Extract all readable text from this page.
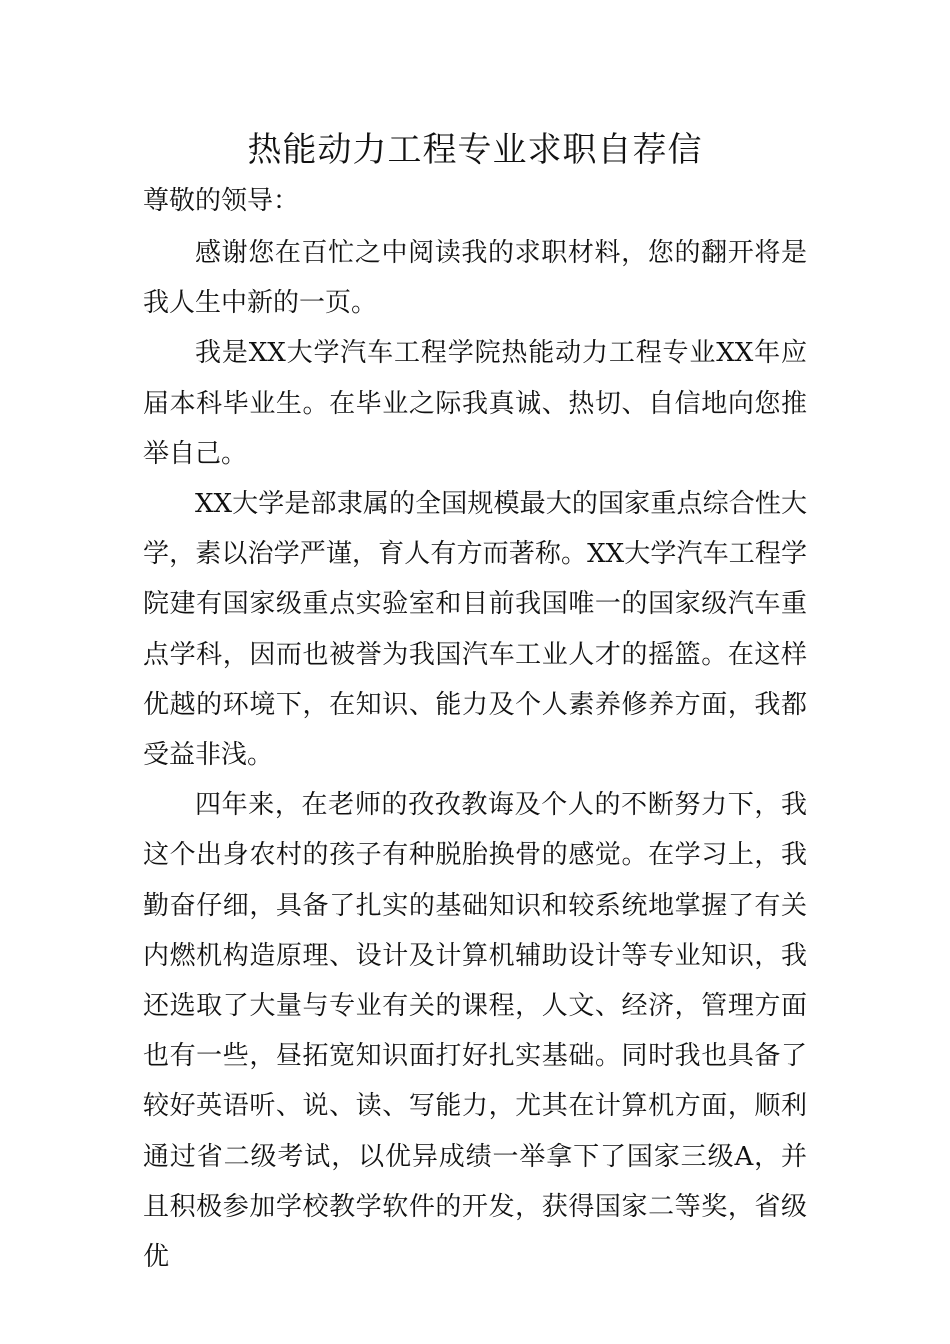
热能动力工程专业求职自荐信

尊敬的领导：

感谢您在百忙之中阅读我的求职材料，您的翻开将是我人生中新的一页。

我是XX大学汽车工程学院热能动力工程专业XX年应届本科毕业生。在毕业之际我真诚、热切、自信地向您推举自己。

XX大学是部隶属的全国规模最大的国家重点综合性大学，素以治学严谨，育人有方而著称。XX大学汽车工程学院建有国家级重点实验室和目前我国唯一的国家级汽车重点学科，因而也被誉为我国汽车工业人才的摇篮。在这样优越的环境下，在知识、能力及个人素养修养方面，我都受益非浅。

四年来，在老师的孜孜教诲及个人的不断努力下，我这个出身农村的孩子有种脱胎换骨的感觉。在学习上，我勤奋仔细，具备了扎实的基础知识和较系统地掌握了有关内燃机构造原理、设计及计算机辅助设计等专业知识，我还选取了大量与专业有关的课程，人文、经济，管理方面也有一些，昼拓宽知识面打好扎实基础。同时我也具备了较好英语听、说、读、写能力，尤其在计算机方面，顺利通过省二级考试，以优异成绩一举拿下了国家三级A，并且积极参加学校教学软件的开发，获得国家二等奖，省级优
